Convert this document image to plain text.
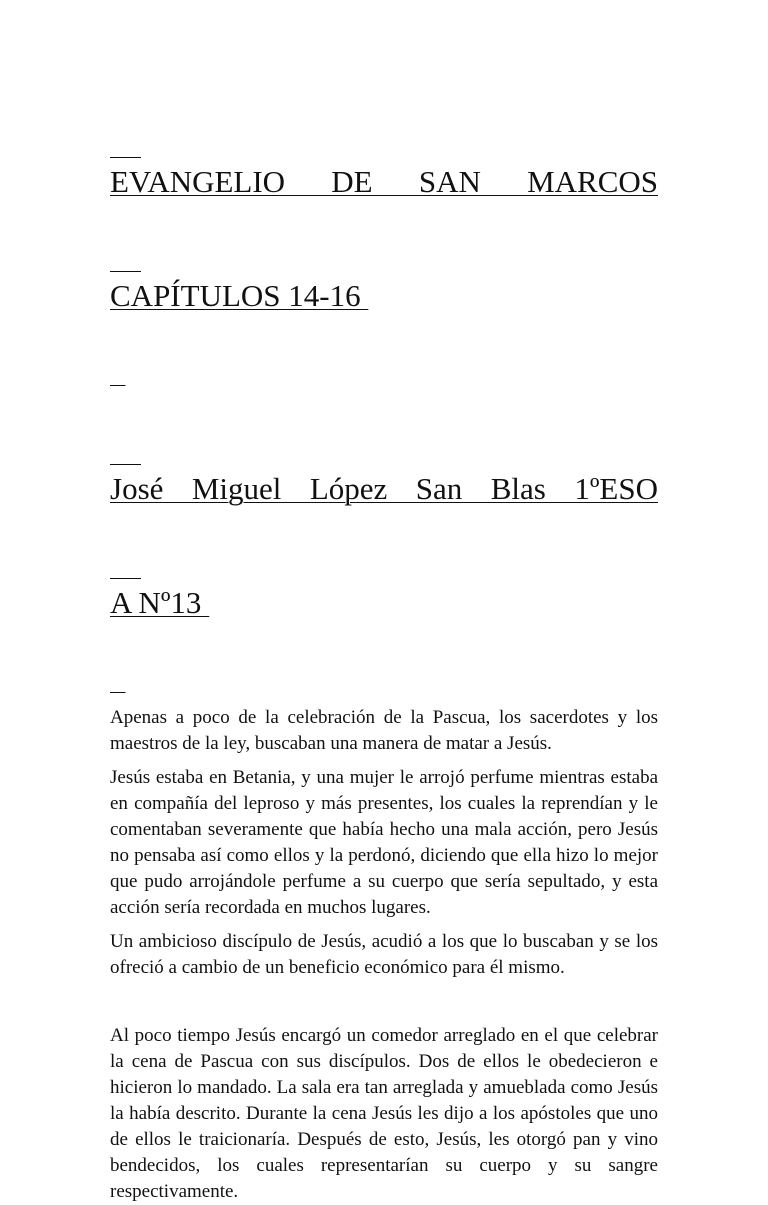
EVANGELIO DE SAN MARCOS

CAPÍTULOS 14-16

José Miguel López San Blas 1ºESO

A Nº13

Apenas a poco de la celebración de la Pascua, los sacerdotes y los maestros de la ley, buscaban una manera de matar a Jesús.

Jesús estaba en Betania, y una mujer le arrojó perfume mientras estaba en compañía del leproso y más presentes, los cuales la reprendían y le comentaban severamente que había hecho una mala acción, pero Jesús no pensaba así como ellos y la perdonó, diciendo que ella hizo lo mejor que pudo arrojándole perfume a su cuerpo que sería sepultado, y esta acción sería recordada en muchos lugares.

Un ambicioso discípulo de Jesús, acudió a los que lo buscaban y se los ofreció a cambio de un beneficio económico para él mismo.

Al poco tiempo Jesús encargó un comedor arreglado en el que celebrar la cena de Pascua con sus discípulos. Dos de ellos le obedecieron e hicieron lo mandado. La sala era tan arreglada y amueblada como Jesús la había descrito. Durante la cena Jesús les dijo a los apóstoles que uno de ellos le traicionaría. Después de esto, Jesús, les otorgó pan y vino bendecidos, los cuales representarían su cuerpo y su sangre respectivamente.
